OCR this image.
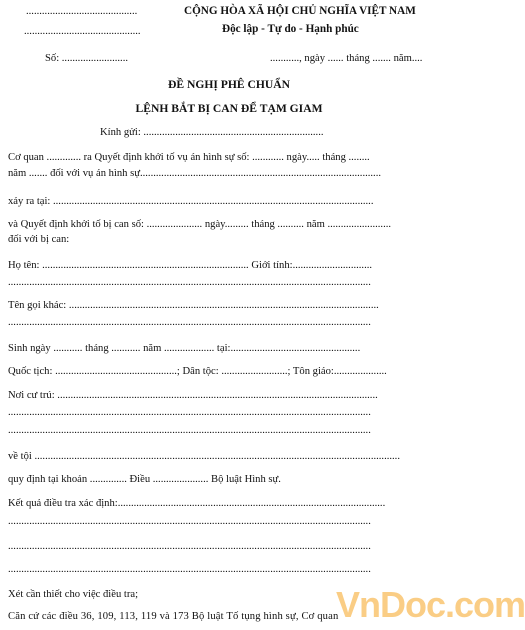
..........................................
............................................
CỘNG HÒA XÃ HỘI CHỦ NGHĨA VIỆT NAM
Độc lập - Tự do - Hạnh phúc
Số: .........................	..........., ngày ...... tháng ....... năm....
ĐỀ NGHỊ PHÊ CHUẨN
LỆNH BẮT BỊ CAN ĐỂ TẠM GIAM
Kính gửi: ....................................................................
Cơ quan ............. ra Quyết định khởi tố vụ án hình sự số: ............ ngày..... tháng ........
năm ....... đối với vụ án hình sự...........................................................................................
xảy ra tại: .........................................................................................................................
và Quyết định khởi tố bị can số: ..................... ngày......... tháng .......... năm ........................
đối với bị can:
Họ tên: .............................................................................. Giới tính:..............................
.........................................................................................................................................
Tên gọi khác: .....................................................................................................................
.........................................................................................................................................
Sinh ngày ........... tháng ........... năm ................... tại:.................................................
Quốc tịch: ..............................................; Dân tộc: .........................; Tôn giáo:....................
Nơi cư trú: .........................................................................................................................
.........................................................................................................................................
.........................................................................................................................................
về tội ..........................................................................................................................................
quy định tại khoản .............. Điều ..................... Bộ luật Hình sự.
Kết quả điều tra xác định:.....................................................................................................
.........................................................................................................................................
.........................................................................................................................................
.........................................................................................................................................
Xét cần thiết cho việc điều tra;
Căn cứ các điều 36, 109, 113, 119 và 173 Bộ luật Tố tụng hình sự, Cơ quan
VnDoc.com
